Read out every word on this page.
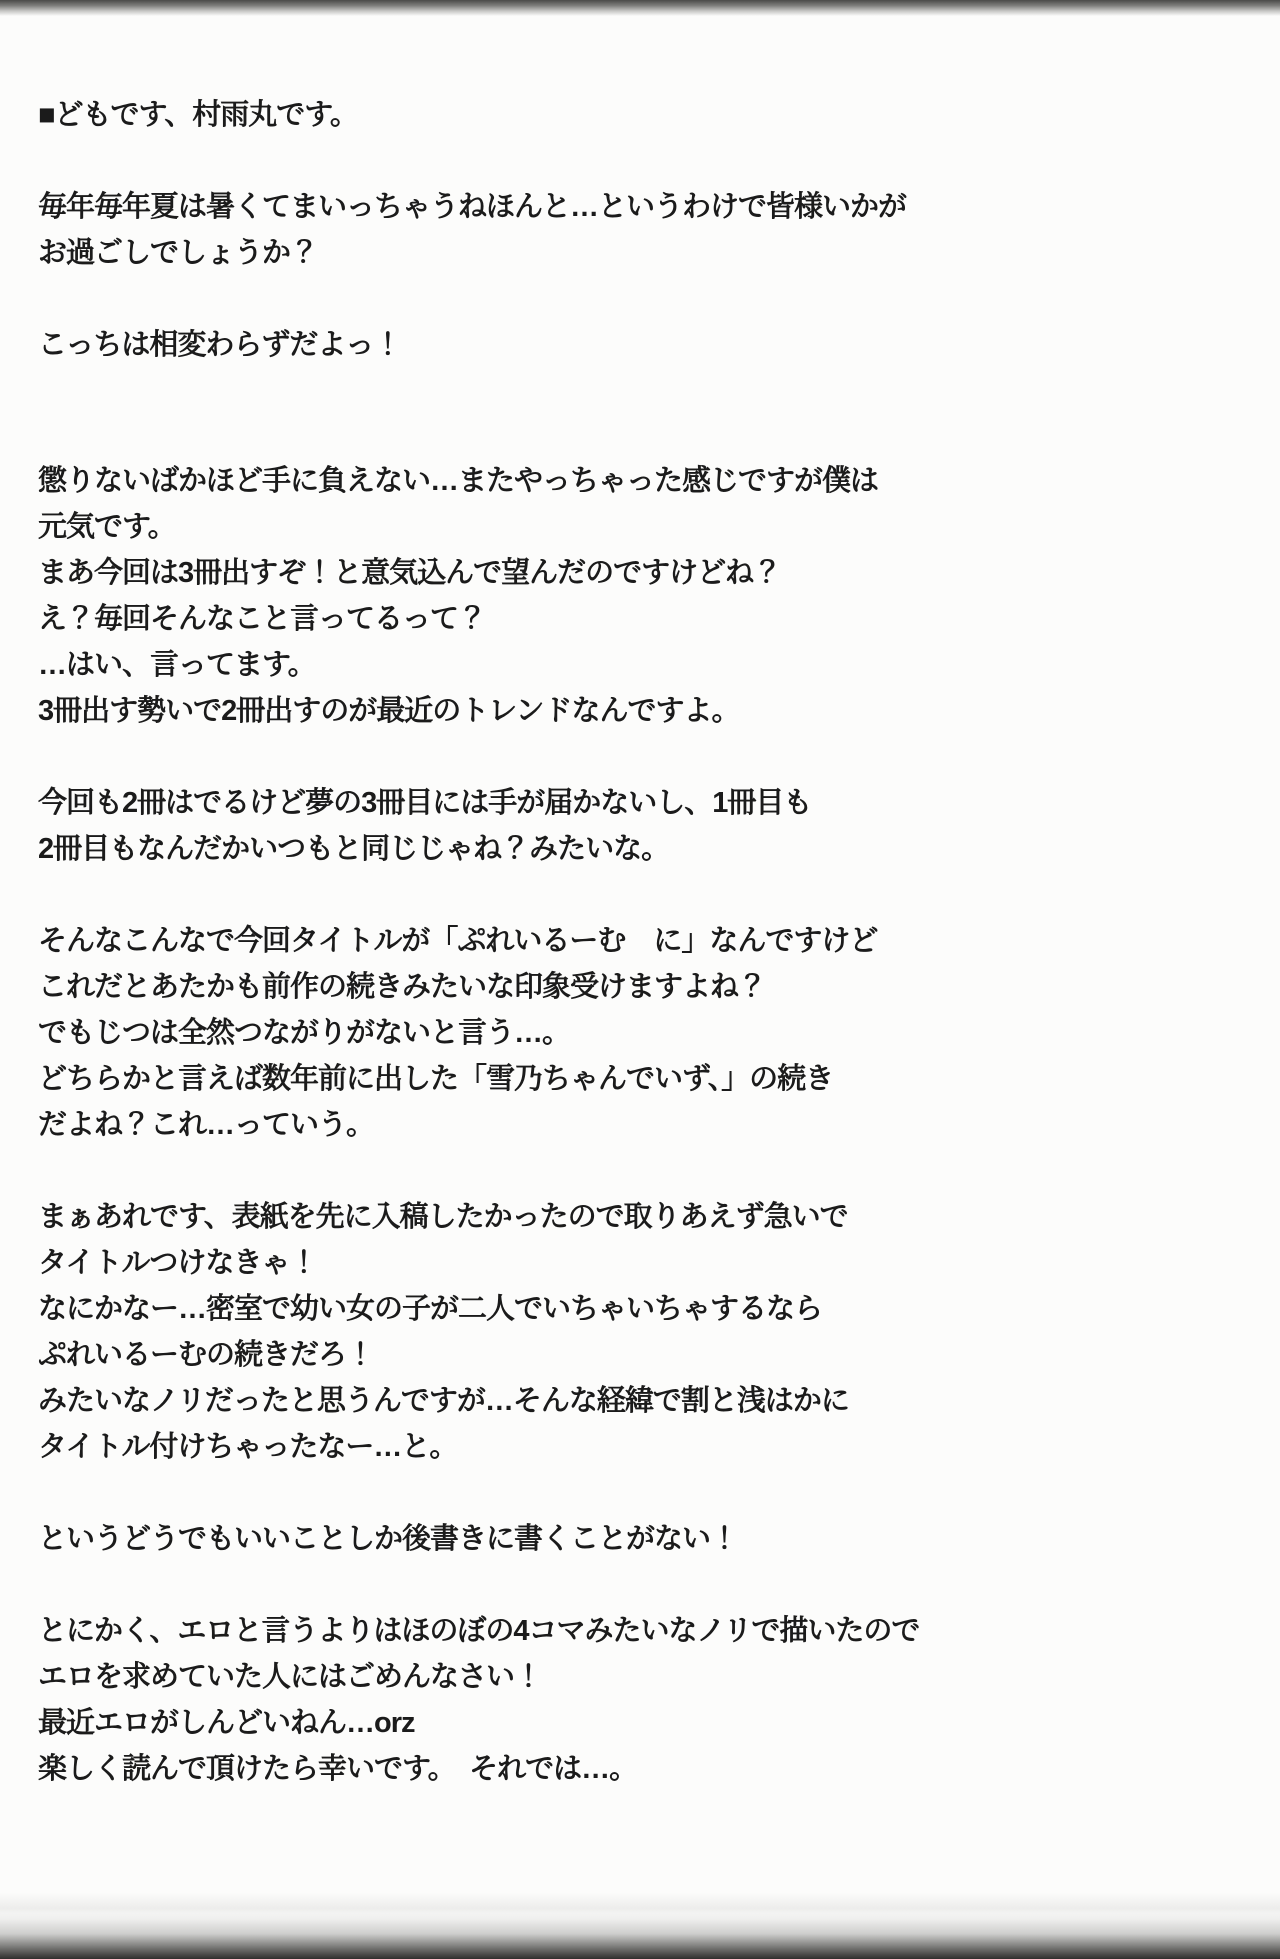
■どもです、村雨丸です。

毎年毎年夏は暑くてまいっちゃうねほんと…というわけで皆様いかが

お過ごしでしょうか？

こっちは相変わらずだよっ！

懲りないばかほど手に負えない…またやっちゃった感じですが僕は

元気です。

まあ今回は3冊出すぞ！と意気込んで望んだのですけどね？

え？毎回そんなこと言ってるって？

…はい、言ってます。

3冊出す勢いで2冊出すのが最近のトレンドなんですよ。

今回も2冊はでるけど夢の3冊目には手が届かないし、1冊目も

2冊目もなんだかいつもと同じじゃね？みたいな。

そんなこんなで今回タイトルが「ぷれいるーむ　に」なんですけど

これだとあたかも前作の続きみたいな印象受けますよね？

でもじつは全然つながりがないと言う…。

どちらかと言えば数年前に出した「雪乃ちゃんでいず、」の続き

だよね？これ…っていう。

まぁあれです、表紙を先に入稿したかったので取りあえず急いで

タイトルつけなきゃ！

なにかなー…密室で幼い女の子が二人でいちゃいちゃするなら

ぷれいるーむの続きだろ！

みたいなノリだったと思うんですが…そんな経緯で割と浅はかに

タイトル付けちゃったなー…と。

というどうでもいいことしか後書きに書くことがない！

とにかく、エロと言うよりはほのぼの4コマみたいなノリで描いたので

エロを求めていた人にはごめんなさい！

最近エロがしんどいねん…orz

楽しく読んで頂けたら幸いです。　それでは…。
